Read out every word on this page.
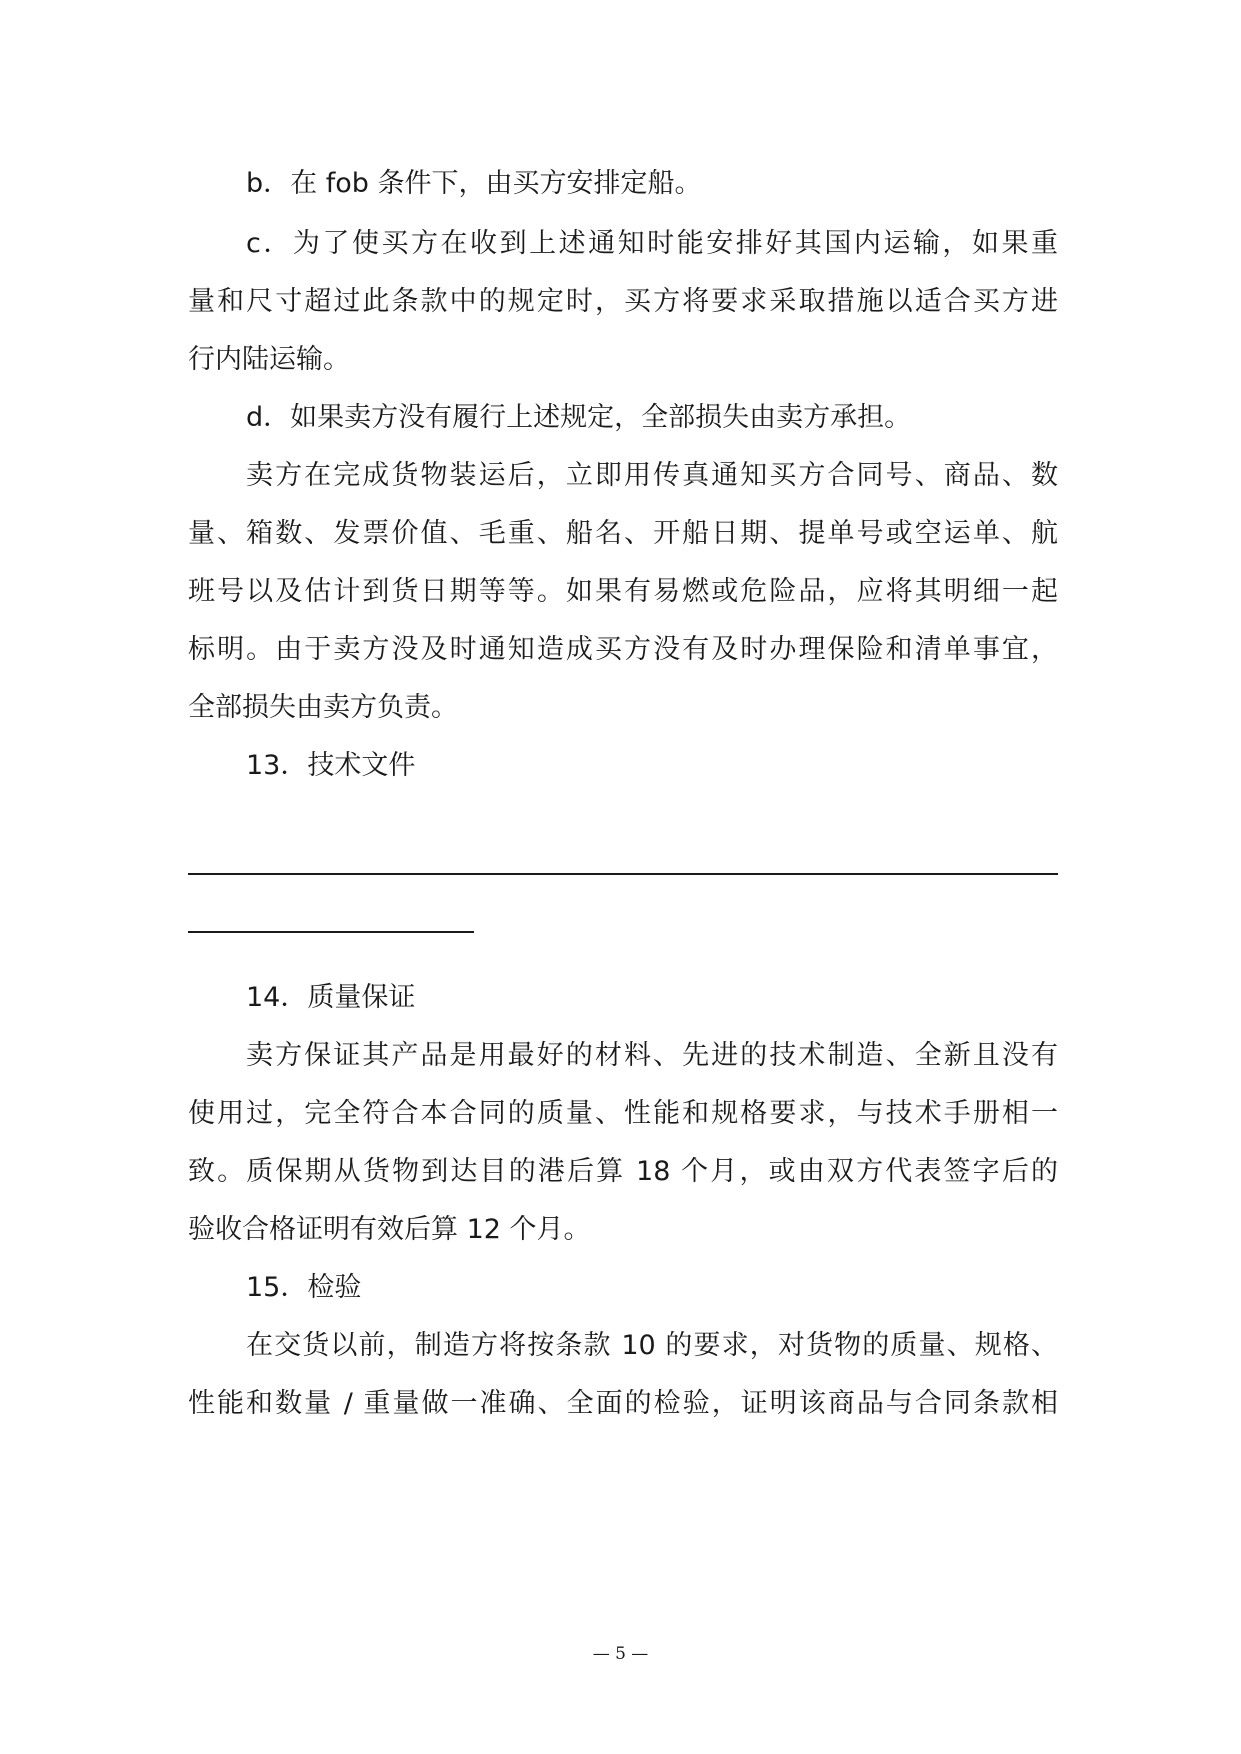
b．在 fob 条件下，由买方安排定船。
c．为了使买方在收到上述通知时能安排好其国内运输，如果重
量和尺寸超过此条款中的规定时，买方将要求采取措施以适合买方进
行内陆运输。
d．如果卖方没有履行上述规定，全部损失由卖方承担。
卖方在完成货物装运后，立即用传真通知买方合同号、商品、数
量、箱数、发票价值、毛重、船名、开船日期、提单号或空运单、航
班号以及估计到货日期等等。如果有易燃或危险品，应将其明细一起
标明。由于卖方没及时通知造成买方没有及时办理保险和清单事宜，
全部损失由卖方负责。
13．技术文件
14．质量保证
卖方保证其产品是用最好的材料、先进的技术制造、全新且没有
使用过，完全符合本合同的质量、性能和规格要求，与技术手册相一
致。质保期从货物到达目的港后算 18 个月，或由双方代表签字后的
验收合格证明有效后算 12 个月。
15．检验
在交货以前，制造方将按条款 10 的要求，对货物的质量、规格、
性能和数量 / 重量做一准确、全面的检验，证明该商品与合同条款相
— 5 —
